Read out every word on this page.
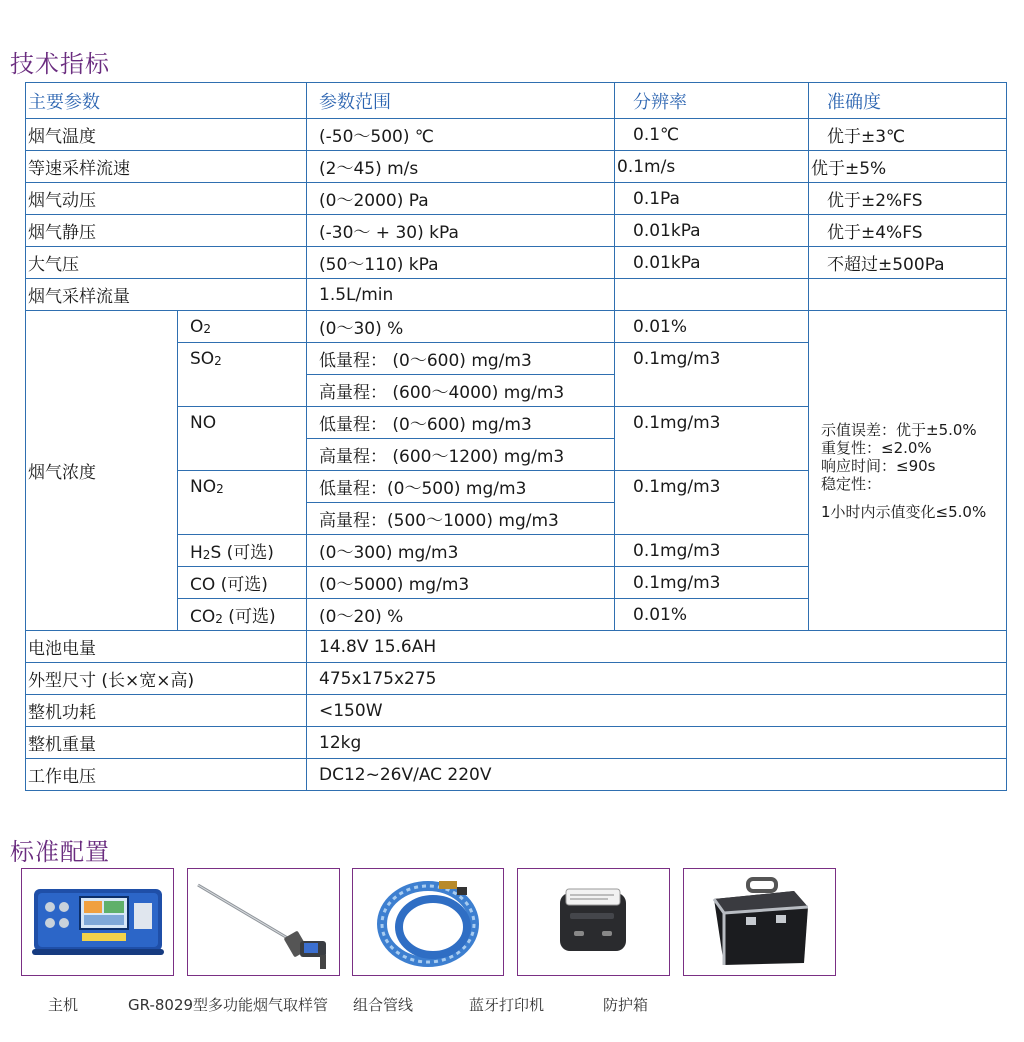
技术指标
主要参数		参数范围	分辨率	准确度
烟气温度		(-50～500) ℃	0.1℃	优于±3℃
等速采样流速		(2～45) m/s	0.1m/s	优于±5%
烟气动压		(0～2000) Pa	0.1Pa	优于±2%FS
烟气静压		(-30～ + 30) kPa	0.01kPa	优于±4%FS
大气压		(50～110) kPa	0.01kPa	不超过±500Pa
烟气采样流量		1.5L/min		
烟气浓度	$O_2$	(0～30) %	0.01%	示值误差：优于±5.0%
重复性：≤2.0%
响应时间：≤90s
稳定性：
1小时内示值变化≤5.0%

	$SO_2$	低量程： (0～600) mg/m3	0.1mg/m3	
		高量程： (600～4000) mg/m3		
	NO	低量程： (0～600) mg/m3	0.1mg/m3	
		高量程： (600～1200) mg/m3		
	$NO_2$	低量程：(0～500) mg/m3	0.1mg/m3	
		高量程：(500～1000) mg/m3		
	$H_2S$ (可选)	(0～300) mg/m3	0.1mg/m3	
	CO (可选)	(0～5000) mg/m3	0.1mg/m3	
	$CO_2$ (可选)	(0～20) %	0.01%	
电池电量		14.8V 15.6AH		
外型尺寸 (长×宽×高)		475x175x275		
整机功耗		<150W		
整机重量		12kg		
工作电压		DC12~26V/AC 220V		
标准配置
主机	GR-8029型多功能烟气取样管 组合管线	蓝牙打印机	防护箱
